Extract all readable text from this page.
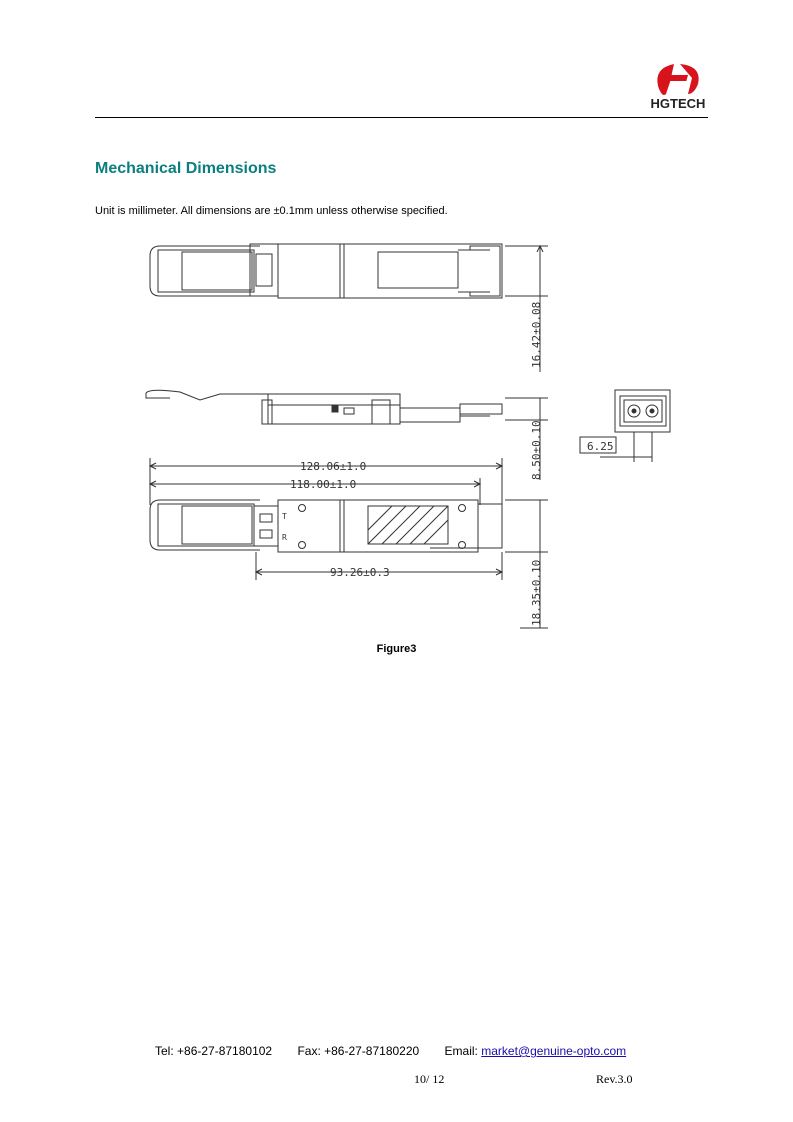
HGTECH
Mechanical Dimensions
Unit is millimeter. All dimensions are ±0.1mm unless otherwise specified.
16.42±0.08
8.50±0.10	6.25
128.06±1.0
118.00±1.0
T
R
93.26±0.3	18.35±0.10
Figure3
Tel: +86-27-87180102 Fax: +86-27-87180220 Email: market@genuine-opto.com
10/ 12	Rev.3.0
